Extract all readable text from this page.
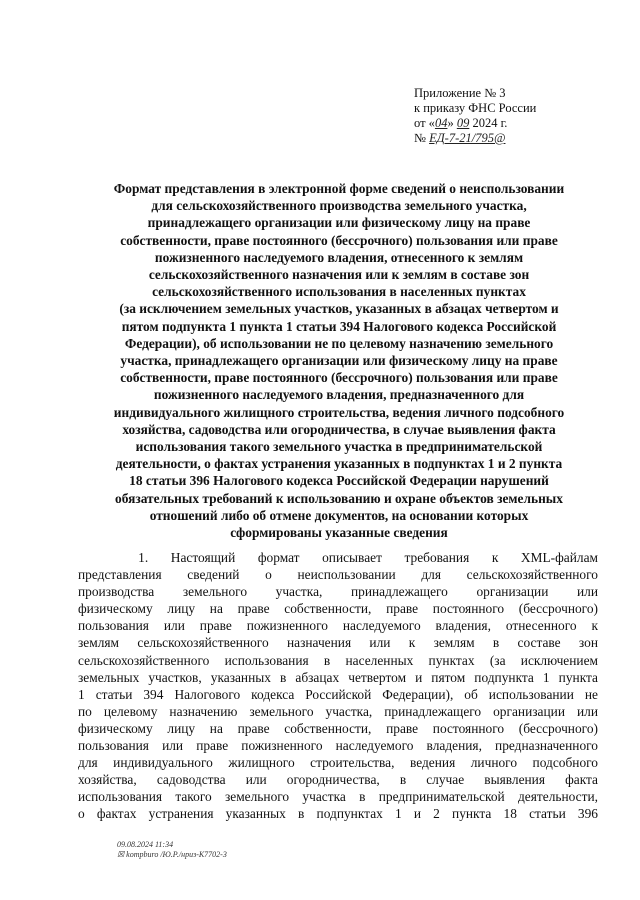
Приложение № 3
к приказу ФНС России
от «04» 09 2024 г.
№ ЕД-7-21/795@
Формат представления в электронной форме сведений о неиспользовании
для сельскохозяйственного производства земельного участка,
принадлежащего организации или физическому лицу на праве
собственности, праве постоянного (бессрочного) пользования или праве
пожизненного наследуемого владения, отнесенного к землям
сельскохозяйственного назначения или к землям в составе зон
сельскохозяйственного использования в населенных пунктах
(за исключением земельных участков, указанных в абзацах четвертом и
пятом подпункта 1 пункта 1 статьи 394 Налогового кодекса Российской
Федерации), об использовании не по целевому назначению земельного
участка, принадлежащего организации или физическому лицу на праве
собственности, праве постоянного (бессрочного) пользования или праве
пожизненного наследуемого владения, предназначенного для
индивидуального жилищного строительства, ведения личного подсобного
хозяйства, садоводства или огородничества, в случае выявления факта
использования такого земельного участка в предпринимательской
деятельности, о фактах устранения указанных в подпунктах 1 и 2 пункта
18 статьи 396 Налогового кодекса Российской Федерации нарушений
обязательных требований к использованию и охране объектов земельных
отношений либо об отмене документов, на основании которых
сформированы указанные сведения
1.   Настоящий   формат   описывает   требования   к   XML-файлам
представления  сведений  о  неиспользовании  для  сельскохозяйственного
производства     земельного     участка,     принадлежащего     организации     или
физическому лицу на праве собственности, праве постоянного (бессрочного)
пользования или праве пожизненного наследуемого владения, отнесенного к
землям   сельскохозяйственного   назначения   или   к   землям   в   составе   зон
сельскохозяйственного использования в населенных пунктах (за исключением
земельных участков, указанных в абзацах четвертом и пятом подпункта 1 пункта
1 статьи 394 Налогового кодекса Российской Федерации), об использовании не
по целевому назначению земельного участка, принадлежащего организации или
физическому  лицу  на  праве  собственности,  праве  постоянного  (бессрочного)
пользования или праве пожизненного наследуемого владения, предназначенного
для  индивидуального  жилищного  строительства,  ведения  личного  подсобного
хозяйства,   садоводства   или   огородничества,   в   случае   выявления   факта
использования такого земельного участка в предпринимательской деятельности,
о  фактах  устранения  указанных  в  подпунктах  1  и  2  пункта  18  статьи  396
09.08.2024 11:34
☒ kompburo /Ю.Р./нриз-К7702-3
